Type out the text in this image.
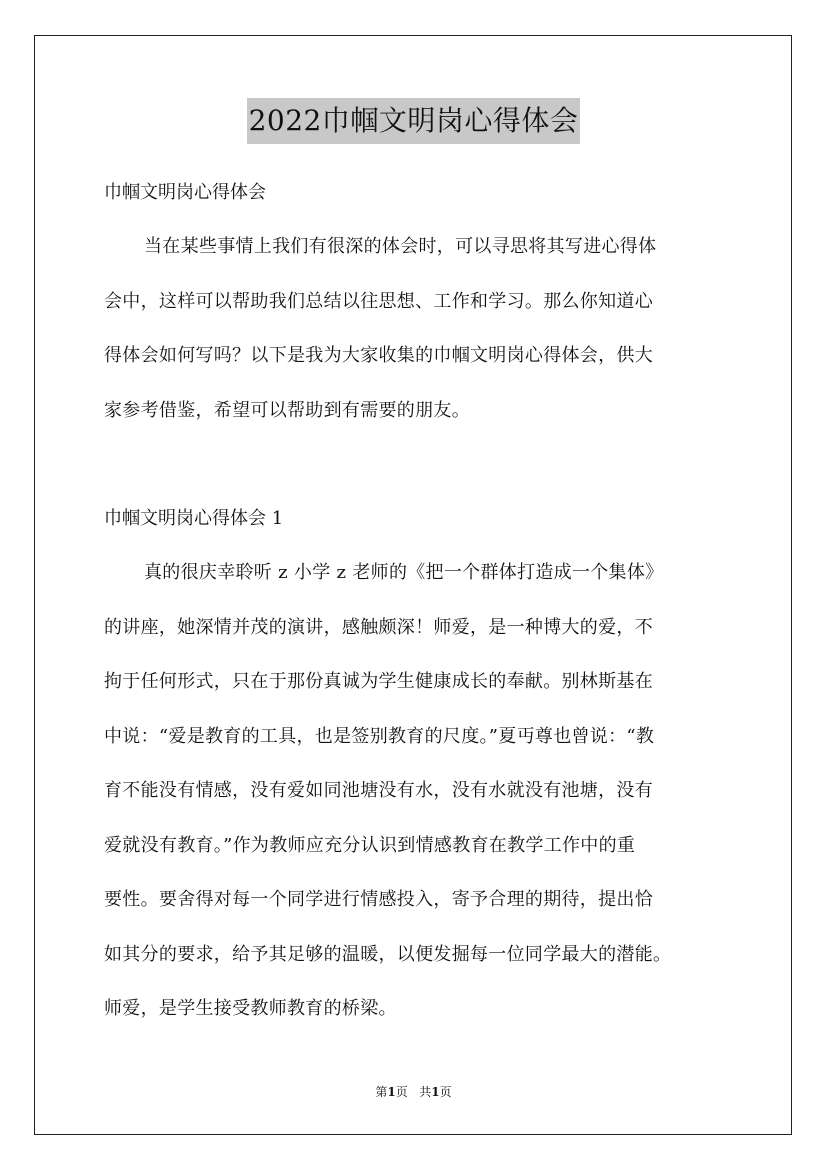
2022巾帼文明岗心得体会
巾帼文明岗心得体会
当在某些事情上我们有很深的体会时，可以寻思将其写进心得体
会中，这样可以帮助我们总结以往思想、工作和学习。那么你知道心
得体会如何写吗？以下是我为大家收集的巾帼文明岗心得体会，供大
家参考借鉴，希望可以帮助到有需要的朋友。
巾帼文明岗心得体会 1
真的很庆幸聆听 z 小学 z 老师的《把一个群体打造成一个集体》
的讲座，她深情并茂的演讲，感触颇深！师爱，是一种博大的爱，不
拘于任何形式，只在于那份真诚为学生健康成长的奉献。别林斯基在
中说：“爱是教育的工具，也是签别教育的尺度。”夏丏尊也曾说：“教
育不能没有情感，没有爱如同池塘没有水，没有水就没有池塘，没有
爱就没有教育。”作为教师应充分认识到情感教育在教学工作中的重
要性。要舍得对每一个同学进行情感投入，寄予合理的期待，提出恰
如其分的要求，给予其足够的温暖，以便发掘每一位同学最大的潜能。
师爱，是学生接受教师教育的桥梁。
第1页 共1页
